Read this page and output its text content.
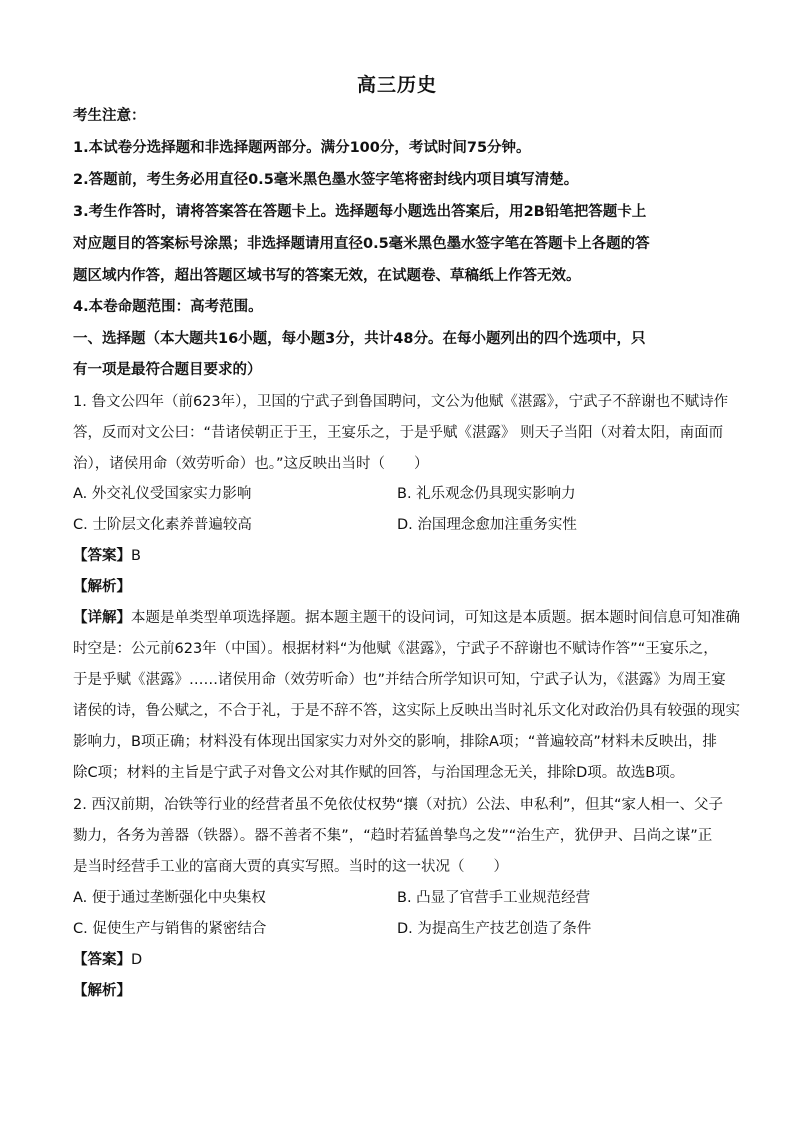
高三历史
考生注意：
1.本试卷分选择题和非选择题两部分。满分100分，考试时间75分钟。
2.答题前，考生务必用直径0.5毫米黑色墨水签字笔将密封线内项目填写清楚。
3.考生作答时，请将答案答在答题卡上。选择题每小题选出答案后，用2B铅笔把答题卡上
对应题目的答案标号涂黑；非选择题请用直径0.5毫米黑色墨水签字笔在答题卡上各题的答
题区域内作答，超出答题区域书写的答案无效，在试题卷、草稿纸上作答无效。
4.本卷命题范围：高考范围。
一、选择题（本大题共16小题，每小题3分，共计48分。在每小题列出的四个选项中，只
有一项是最符合题目要求的）
1. 鲁文公四年（前623年），卫国的宁武子到鲁国聘问，文公为他赋《湛露》，宁武子不辞谢也不赋诗作
答，反而对文公曰：“昔诸侯朝正于王，王宴乐之，于是乎赋《湛露》 则天子当阳（对着太阳，南面而
治），诸侯用命（效劳听命）也。”这反映出当时（　　）
A. 外交礼仪受国家实力影响	B. 礼乐观念仍具现实影响力
C. 士阶层文化素养普遍较高	D. 治国理念愈加注重务实性
【答案】B
【解析】
【详解】本题是单类型单项选择题。据本题主题干的设问词，可知这是本质题。据本题时间信息可知准确
时空是：公元前623年（中国）。根据材料“为他赋《湛露》，宁武子不辞谢也不赋诗作答”“王宴乐之，
于是乎赋《湛露》……诸侯用命（效劳听命）也”并结合所学知识可知，宁武子认为，《湛露》为周王宴
诸侯的诗，鲁公赋之，不合于礼，于是不辞不答，这实际上反映出当时礼乐文化对政治仍具有较强的现实
影响力，B项正确；材料没有体现出国家实力对外交的影响，排除A项；“普遍较高”材料未反映出，排
除C项；材料的主旨是宁武子对鲁文公对其作赋的回答，与治国理念无关，排除D项。故选B项。
2. 西汉前期，冶铁等行业的经营者虽不免依仗权势“攘（对抗）公法、申私利”，但其“家人相一、父子
勠力，各务为善器（铁器）。器不善者不集”，“趋时若猛兽挚鸟之发”“治生产，犹伊尹、吕尚之谋”正
是当时经营手工业的富商大贾的真实写照。当时的这一状况（　　）
A. 便于通过垄断强化中央集权	B. 凸显了官营手工业规范经营
C. 促使生产与销售的紧密结合	D. 为提高生产技艺创造了条件
【答案】D
【解析】
